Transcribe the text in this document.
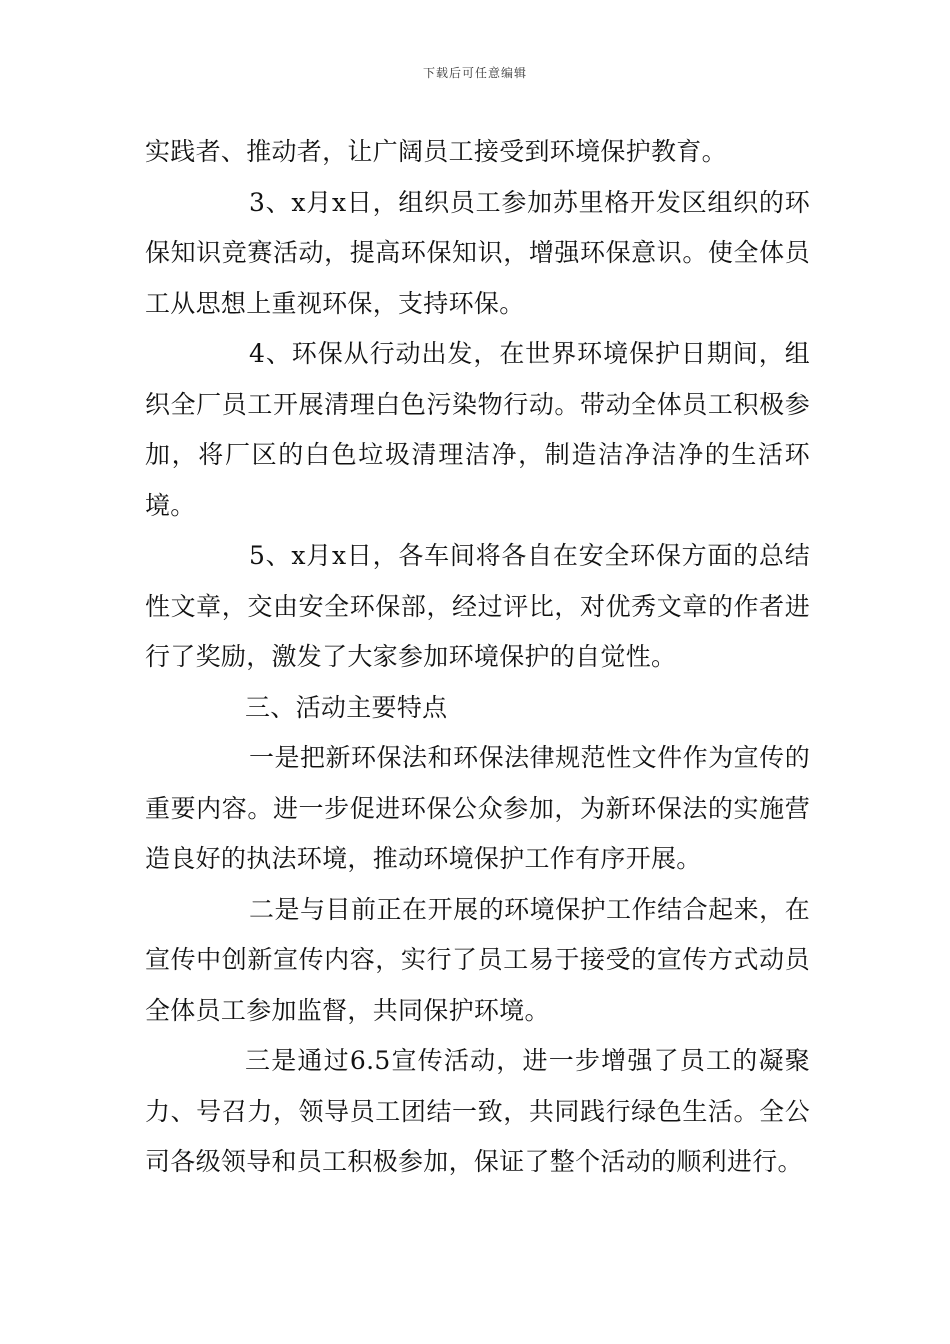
下载后可任意编辑

实践者、推动者，让广阔员工接受到环境保护教育。

3、x月x日，组织员工参加苏里格开发区组织的环保知识竞赛活动，提高环保知识，增强环保意识。使全体员工从思想上重视环保，支持环保。

4、环保从行动出发，在世界环境保护日期间，组织全厂员工开展清理白色污染物行动。带动全体员工积极参加，将厂区的白色垃圾清理洁净，制造洁净洁净的生活环境。

5、x月x日，各车间将各自在安全环保方面的总结性文章，交由安全环保部，经过评比，对优秀文章的作者进行了奖励，激发了大家参加环境保护的自觉性。

三、活动主要特点

一是把新环保法和环保法律规范性文件作为宣传的重要内容。进一步促进环保公众参加，为新环保法的实施营造良好的执法环境，推动环境保护工作有序开展。

二是与目前正在开展的环境保护工作结合起来，在宣传中创新宣传内容，实行了员工易于接受的宣传方式动员全体员工参加监督，共同保护环境。

三是通过6.5宣传活动，进一步增强了员工的凝聚力、号召力，领导员工团结一致，共同践行绿色生活。全公司各级领导和员工积极参加，保证了整个活动的顺利进行。
